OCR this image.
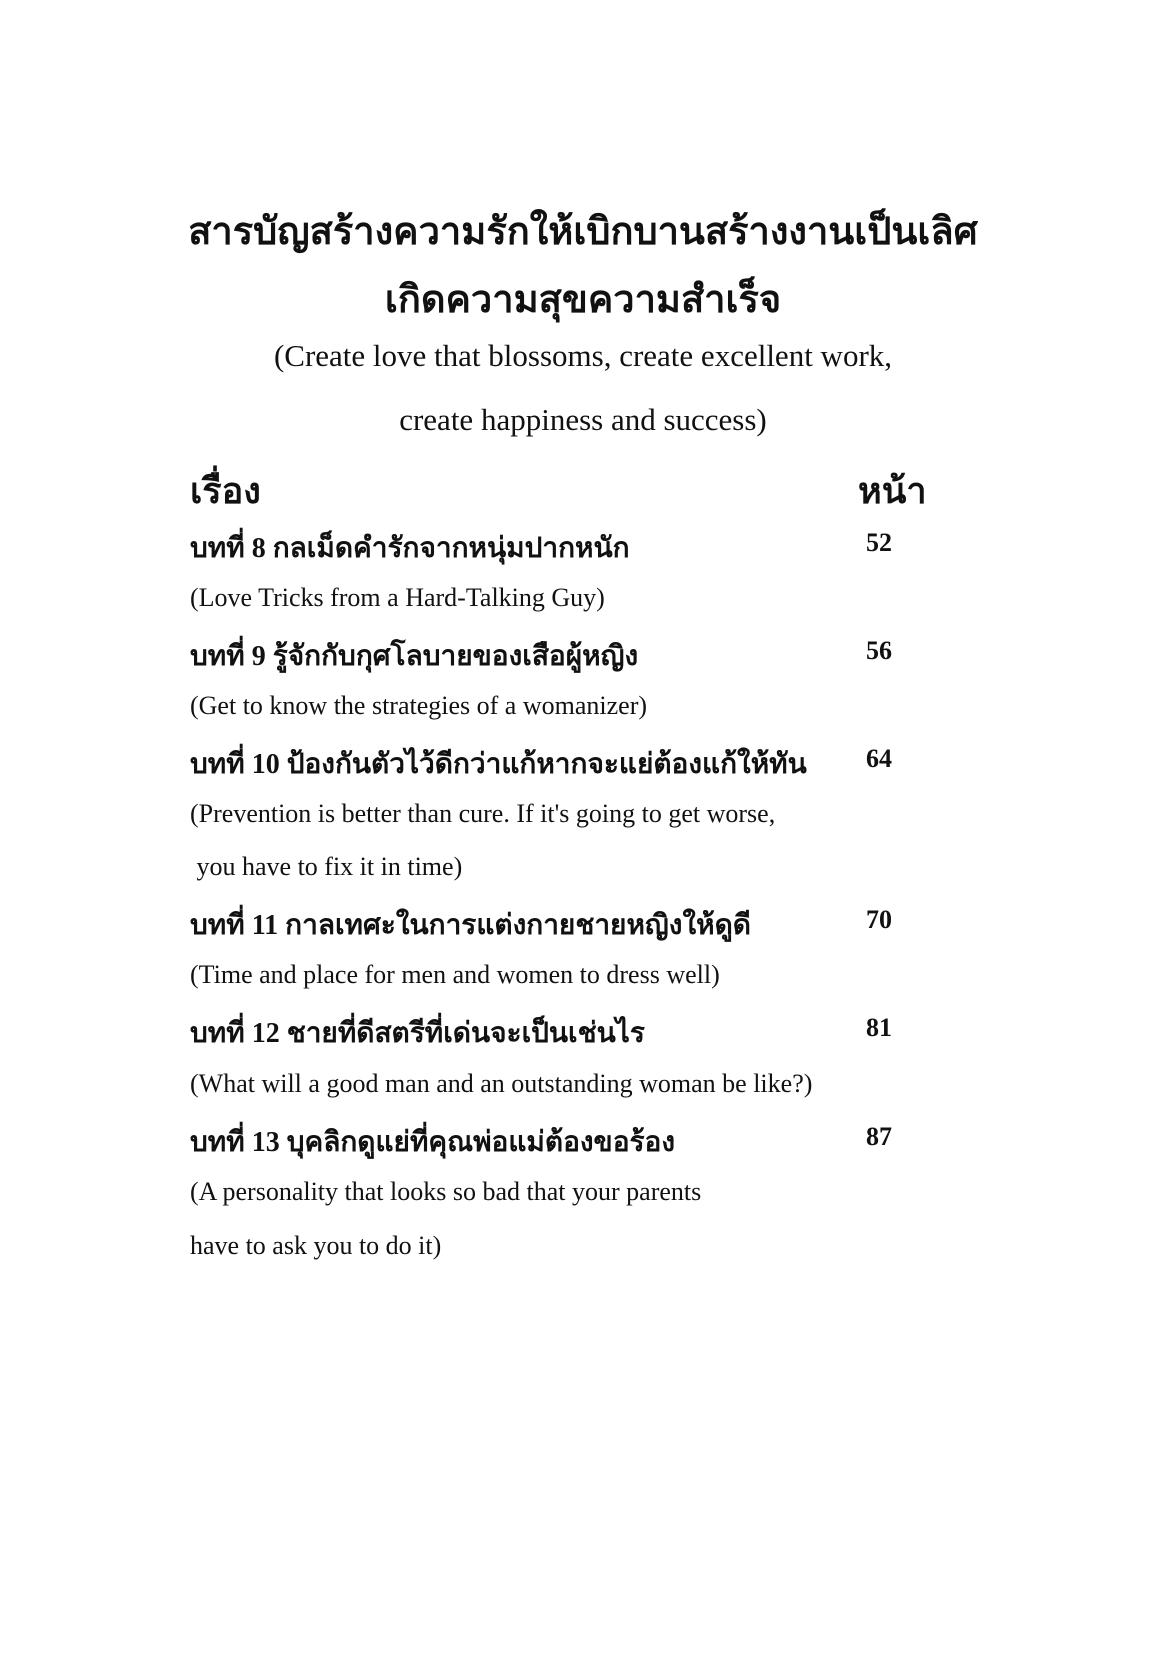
สารบัญสร้างความรักให้เบิกบานสร้างงานเป็นเลิศ
เกิดความสุขความสำเร็จ
(Create love that blossoms, create excellent work,
create happiness and success)
เรื่อง	หน้า
บทที่ 8 กลเม็ดคำรักจากหนุ่มปากหนัก	52
(Love Tricks from a Hard-Talking Guy)
บทที่ 9 รู้จักกับกุศโลบายของเสือผู้หญิง	56
(Get to know the strategies of a womanizer)
บทที่ 10 ป้องกันตัวไว้ดีกว่าแก้หากจะแย่ต้องแก้ให้ทัน 64
(Prevention is better than cure. If it's going to get worse,
you have to fix it in time)
บทที่ 11 กาลเทศะในการแต่งกายชายหญิงให้ดูดี	70
(Time and place for men and women to dress well)
บทที่ 12 ชายที่ดีสตรีที่เด่นจะเป็นเช่นไร	81
(What will a good man and an outstanding woman be like?)
บทที่ 13 บุคลิกดูแย่ที่คุณพ่อแม่ต้องขอร้อง	87
(A personality that looks so bad that your parents
have to ask you to do it)
